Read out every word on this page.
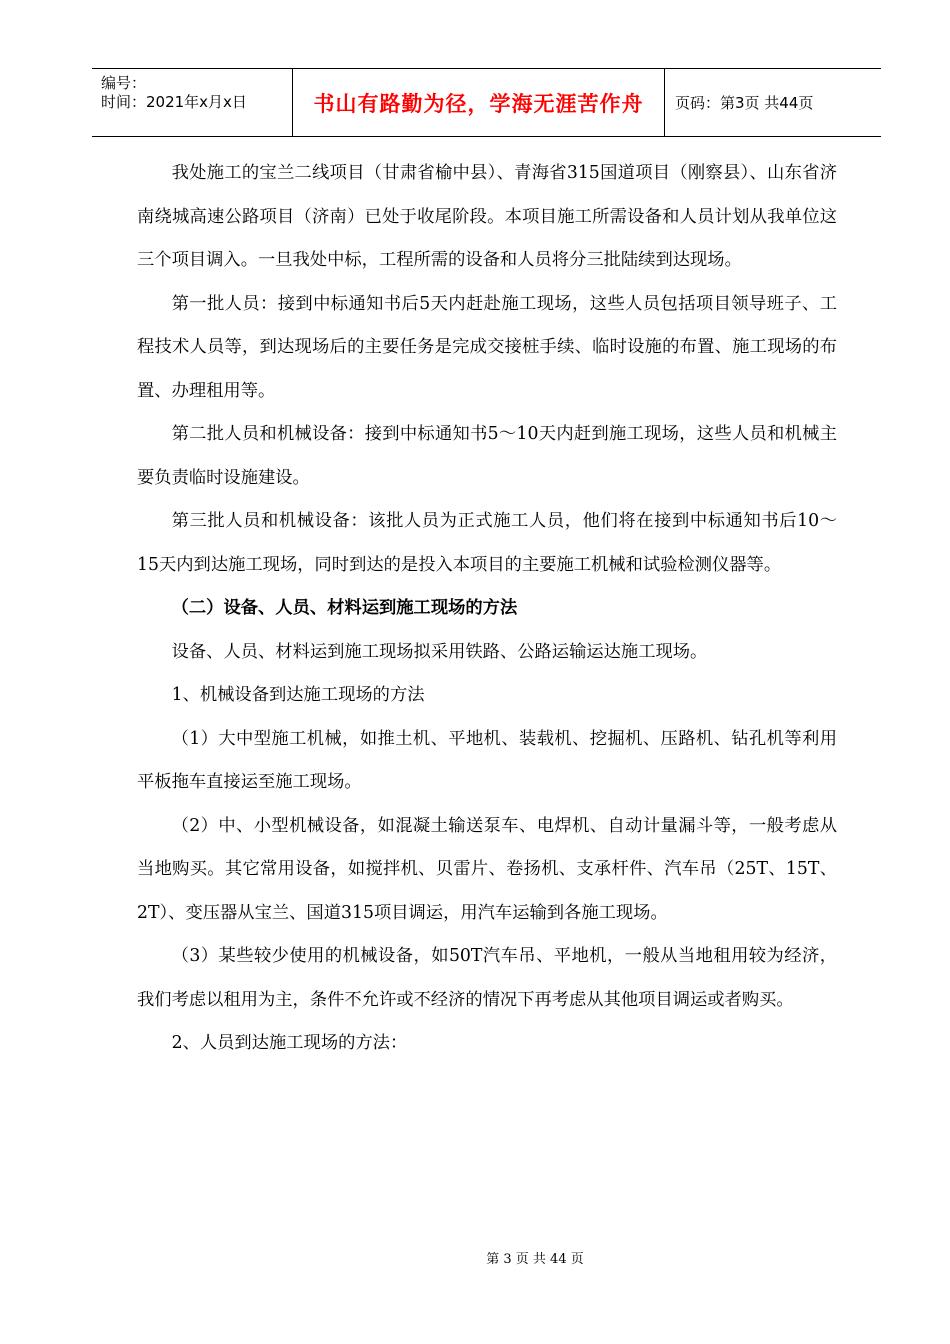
编号：
时间：2021年x月x日	书山有路勤为径，学海无涯苦作舟 页码：第3页 共44页

我处施工的宝兰二线项目（甘肃省榆中县）、青海省315国道项目（刚察县）、山东省济南绕城高速公路项目（济南）已处于收尾阶段。本项目施工所需设备和人员计划从我单位这三个项目调入。一旦我处中标，工程所需的设备和人员将分三批陆续到达现场。

第一批人员：接到中标通知书后5天内赶赴施工现场，这些人员包括项目领导班子、工程技术人员等，到达现场后的主要任务是完成交接桩手续、临时设施的布置、施工现场的布置、办理租用等。

第二批人员和机械设备：接到中标通知书5～10天内赶到施工现场，这些人员和机械主要负责临时设施建设。

第三批人员和机械设备：该批人员为正式施工人员，他们将在接到中标通知书后10～15天内到达施工现场，同时到达的是投入本项目的主要施工机械和试验检测仪器等。

（二）设备、人员、材料运到施工现场的方法

设备、人员、材料运到施工现场拟采用铁路、公路运输运达施工现场。

1、机械设备到达施工现场的方法

（1）大中型施工机械，如推土机、平地机、装载机、挖掘机、压路机、钻孔机等利用平板拖车直接运至施工现场。

（2）中、小型机械设备，如混凝土输送泵车、电焊机、自动计量漏斗等，一般考虑从当地购买。其它常用设备，如搅拌机、贝雷片、卷扬机、支承杆件、汽车吊（25T、15T、2T）、变压器从宝兰、国道315项目调运，用汽车运输到各施工现场。

（3）某些较少使用的机械设备，如50T汽车吊、平地机，一般从当地租用较为经济，我们考虑以租用为主，条件不允许或不经济的情况下再考虑从其他项目调运或者购买。

2、人员到达施工现场的方法：

第 3 页 共 44 页
